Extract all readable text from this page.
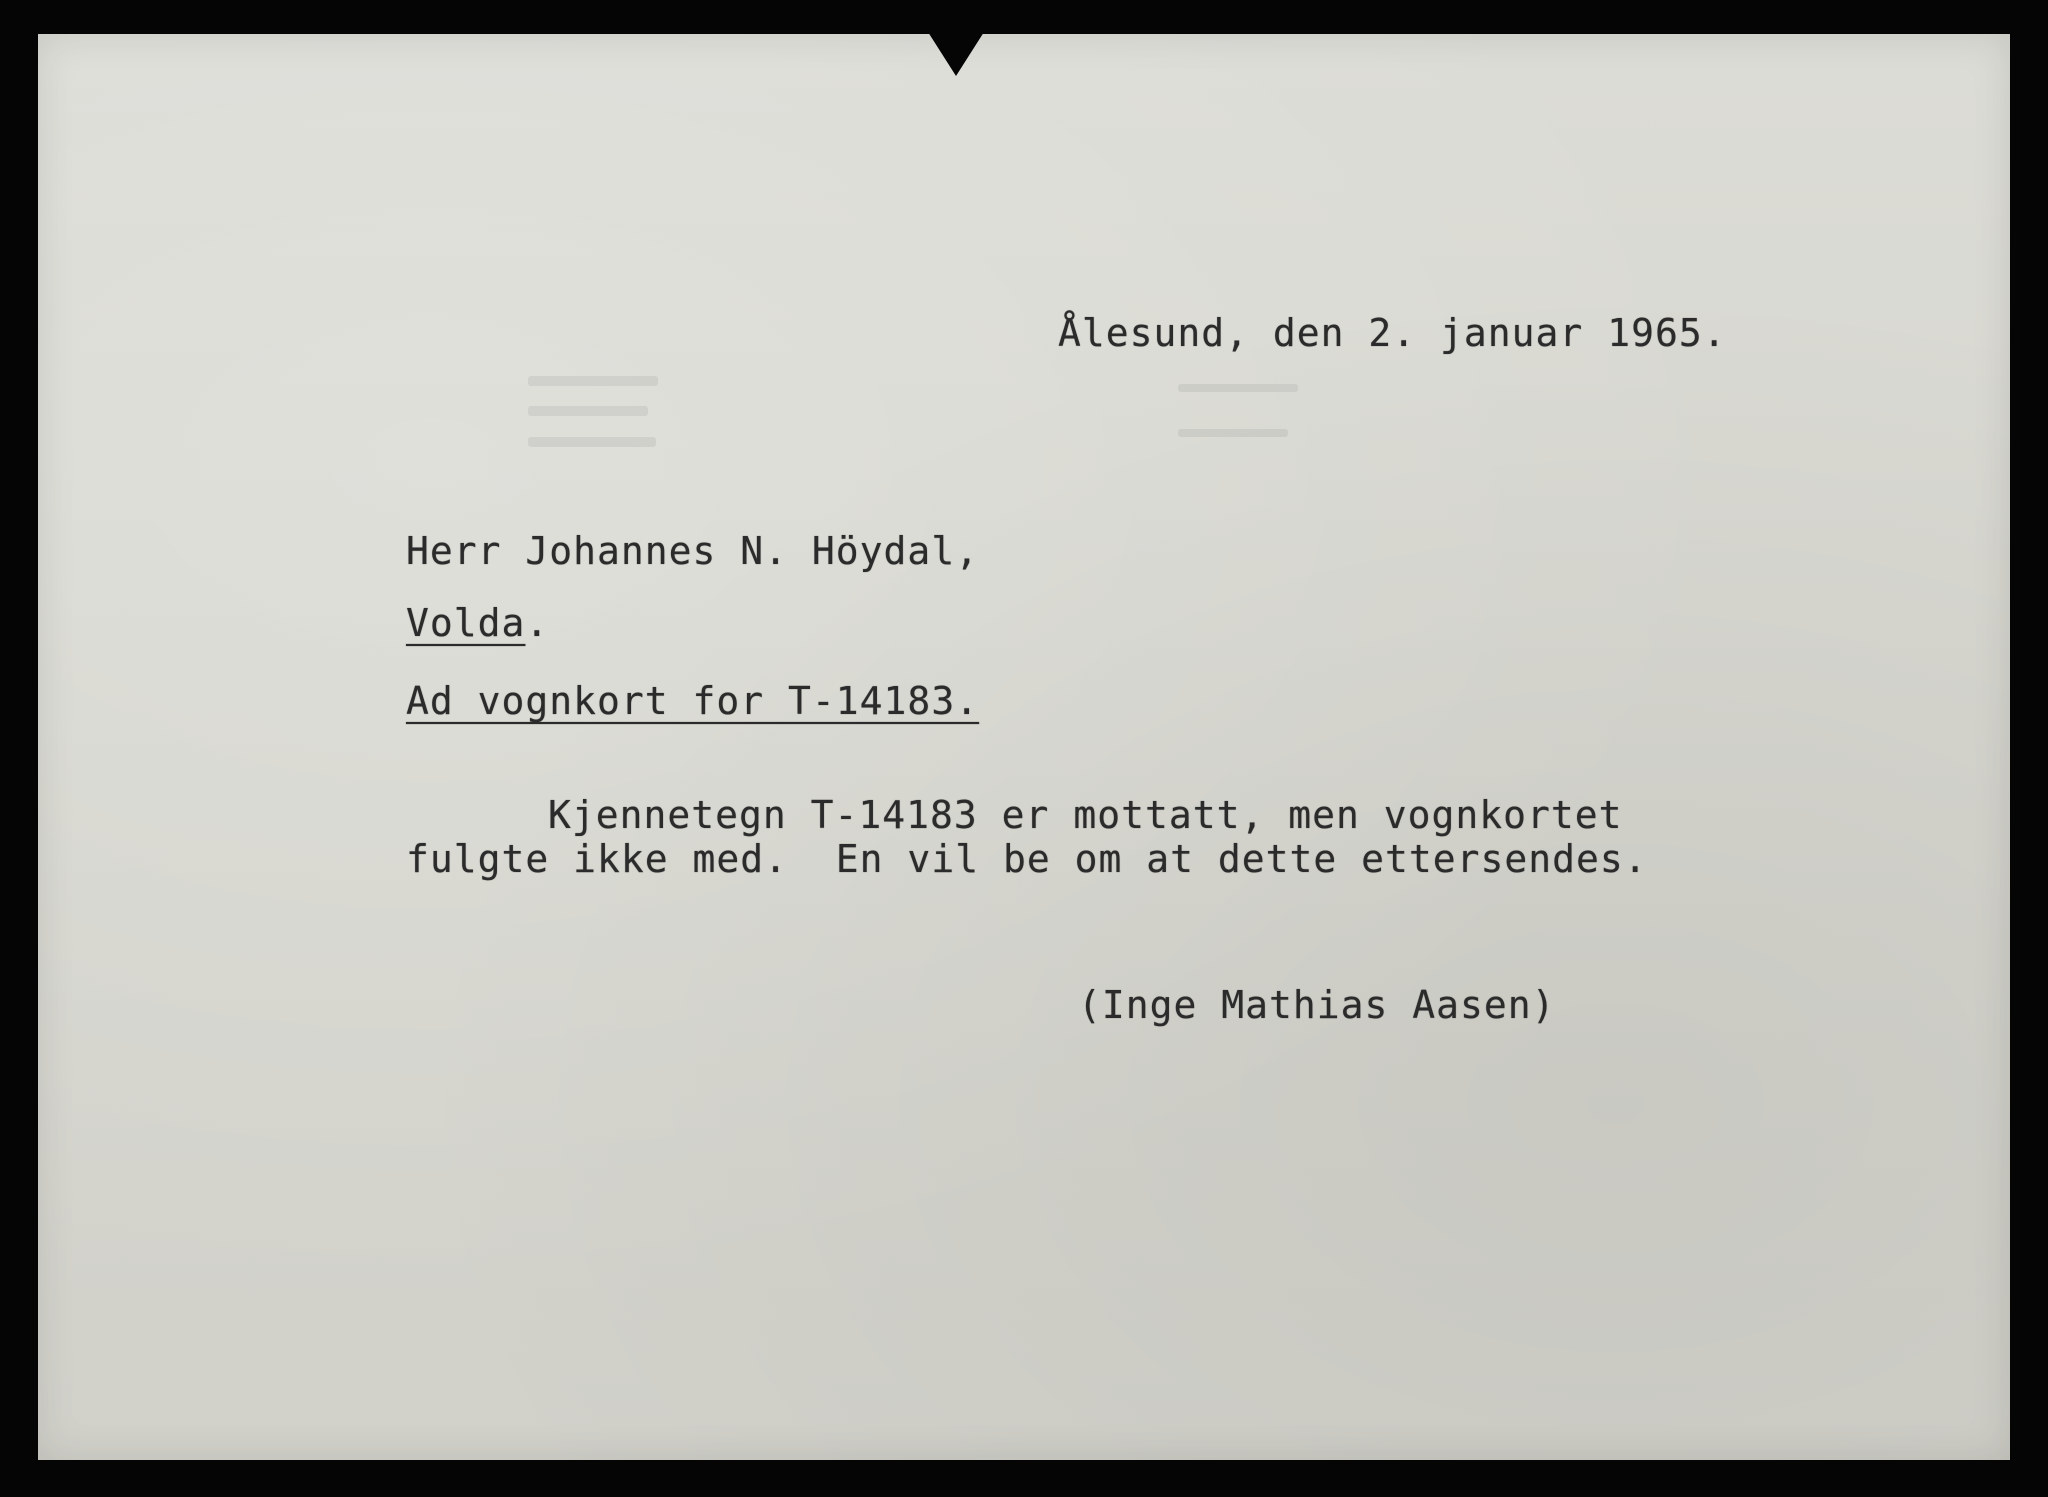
Ålesund, den 2. januar 1965.
Herr Johannes N. Höydal,
Volda.
Ad vognkort for T-14183.
Kjennetegn T-14183 er mottatt, men vognkortet
fulgte ikke med.  En vil be om at dette ettersendes.
(Inge Mathias Aasen)
